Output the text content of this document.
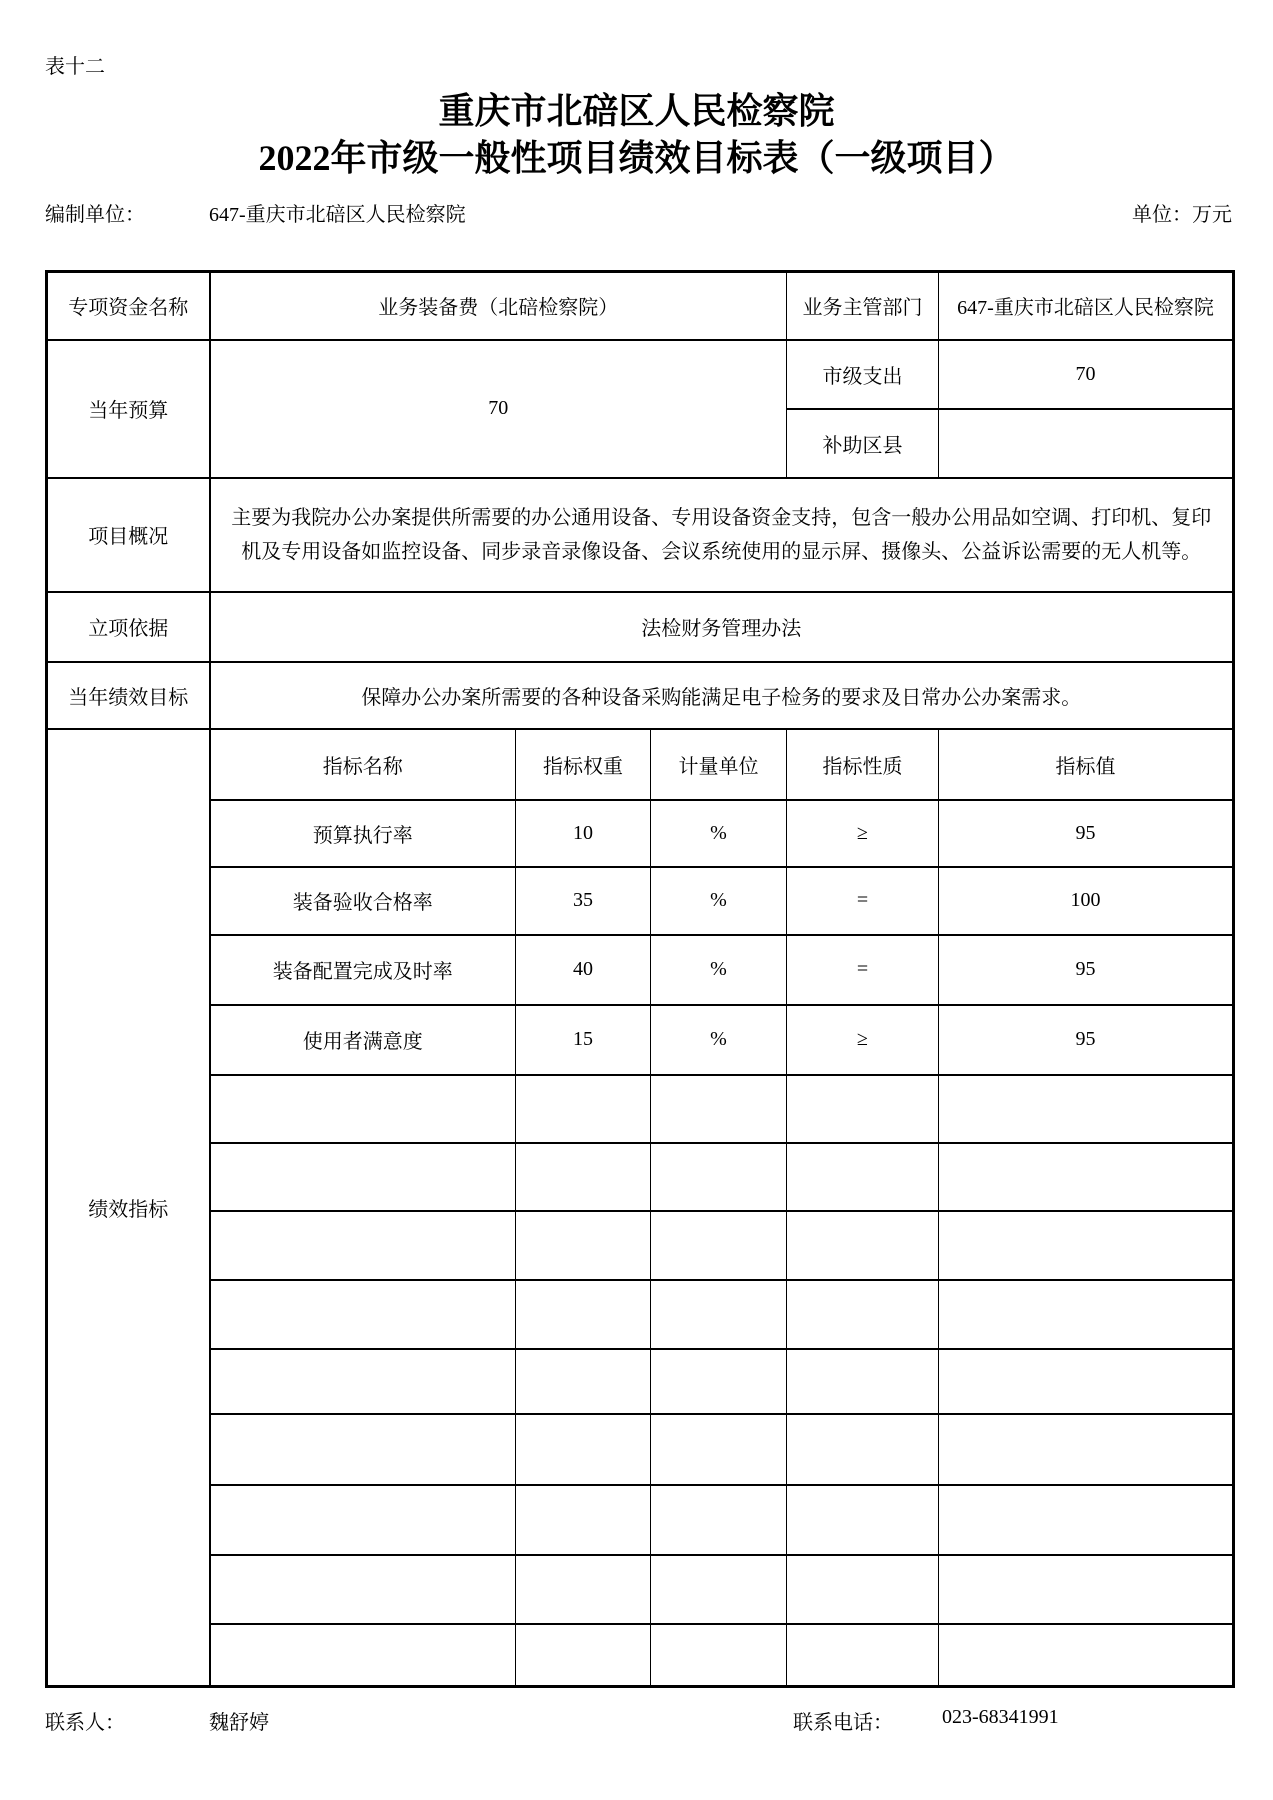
表十二
重庆市北碚区人民检察院
2022年市级一般性项目绩效目标表（一级项目）
编制单位：	647-重庆市北碚区人民检察院	单位：万元
专项资金名称	业务装备费（北碚检察院）			业务主管部门	647-重庆市北碚区人民检察院
当年预算	70			市级支出	70
				补助区县	
项目概况	主要为我院办公办案提供所需要的办公通用设备、专用设备资金支持，包含一般办公用品如空调、打印机、复印机及专用设备如监控设备、同步录音录像设备、会议系统使用的显示屏、摄像头、公益诉讼需要的无人机等。				
立项依据	法检财务管理办法				
当年绩效目标	保障办公办案所需要的各种设备采购能满足电子检务的要求及日常办公办案需求。				
绩效指标	指标名称	指标权重	计量单位	指标性质	指标值
	预算执行率	10	%	≥	95
	装备验收合格率	35	%	=	100
	装备配置完成及时率	40	%	=	95
	使用者满意度	15	%	≥	95

联系人：	魏舒婷	联系电话： 023-68341991
